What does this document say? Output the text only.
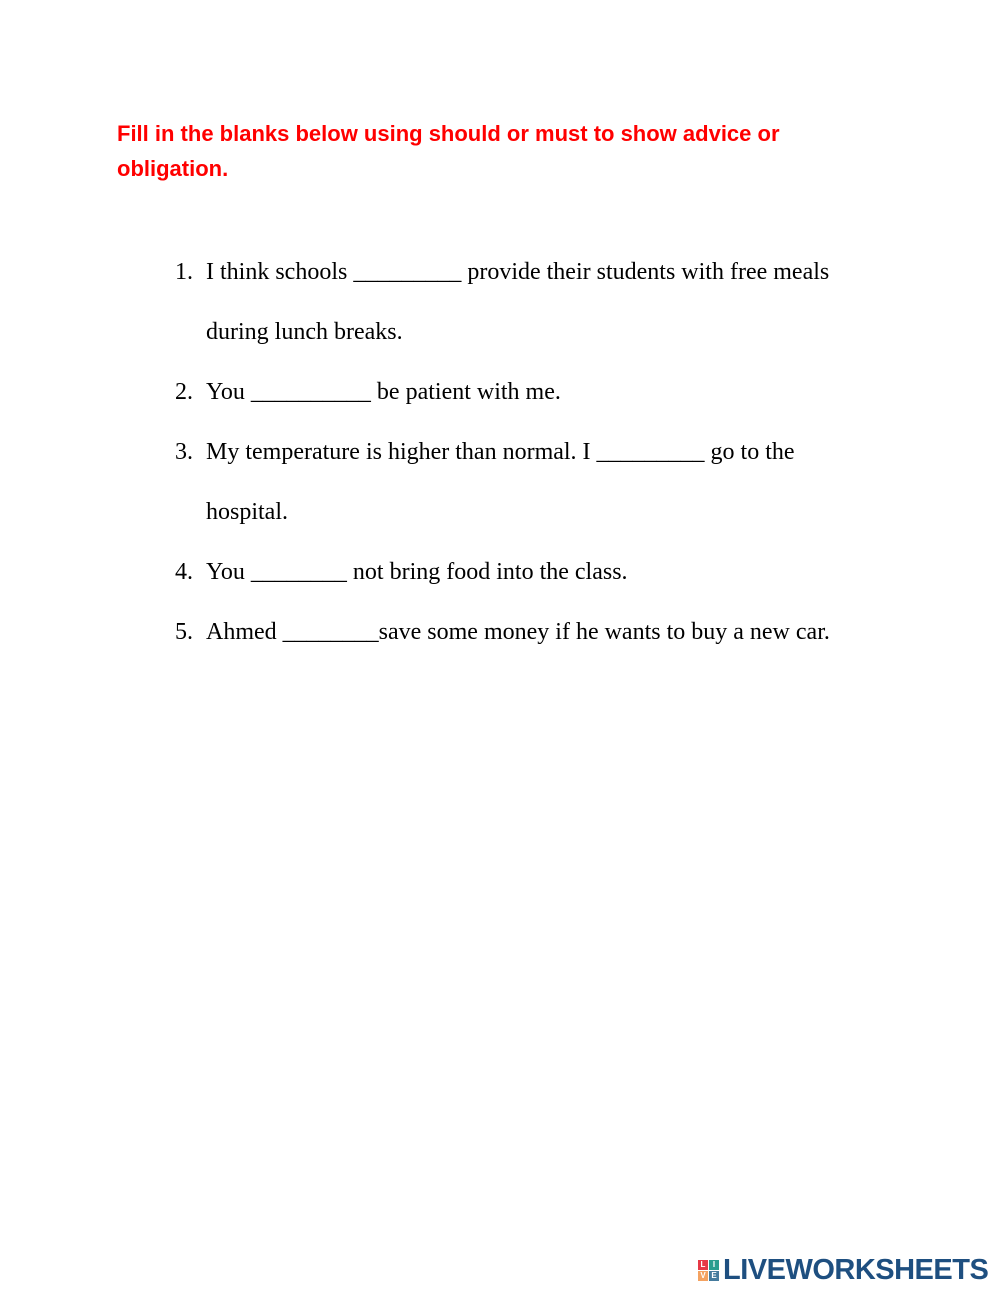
Fill in the blanks below using should or must to show advice or obligation.

1. I think schools _________ provide their students with free meals during lunch breaks.
2. You __________ be patient with me.
3. My temperature is higher than normal. I _________ go to the hospital.
4. You ________ not bring food into the class.
5. Ahmed ________save some money if he wants to buy a new car.
L I
V E LIVEWORKSHEETS
